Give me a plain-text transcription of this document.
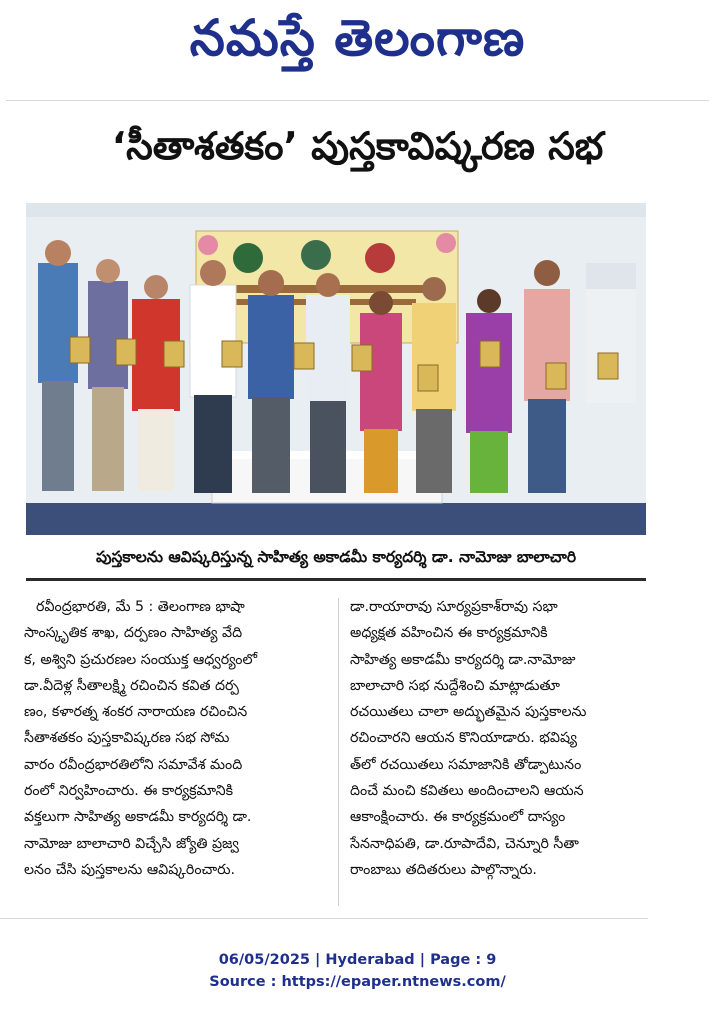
నమస్తే తెలంగాణ
‘సీతాశతకం’ పుస్తకావిష్కరణ సభ
పుస్తకాలను ఆవిష్కరిస్తున్న సాహిత్య అకాడమీ కార్యదర్శి డా. నామోజు బాలాచారి
రవీంద్రభారతి, మే 5 : తెలంగాణ భాషా
సాంస్కృతిక శాఖ, దర్పణం సాహిత్య వేది
క, అశ్విని ప్రచురణల సంయుక్త ఆధ్వర్యంలో
డా.వీదెళ్ల సీతాలక్ష్మి రచించిన కవిత దర్ప
ణం, కళారత్న శంకర నారాయణ రచించిన
సీతాశతకం పుస్తకావిష్కరణ సభ సోమ
వారం రవీంద్రభారతిలోని సమావేశ మంది
రంలో నిర్వహించారు. ఈ కార్యక్రమానికి
వక్తలుగా సాహిత్య అకాడమీ కార్యదర్శి డా.
నామోజు బాలాచారి విచ్చేసి జ్యోతి ప్రజ్వ
లనం చేసి పుస్తకాలను ఆవిష్కరించారు.
డా.రాయారావు సూర్యప్రకాశ్‌రావు సభా
అధ్యక్షత వహించిన ఈ కార్యక్రమానికి
సాహిత్య అకాడమీ కార్యదర్శి డా.నామోజు
బాలాచారి సభ నుద్దేశించి మాట్లాడుతూ
రచయితలు చాలా అద్భుతమైన పుస్తకాలను
రచించారని ఆయన కొనియాడారు. భవిష్య
త్‌లో రచయితలు సమాజానికి తోడ్పాటునం
దించే మంచి కవితలు అందించాలని ఆయన
ఆకాంక్షించారు. ఈ కార్యక్రమంలో దాస్యం
సేననాధిపతి, డా.రూపాదేవి, చెన్నూరి సీతా
రాంబాబు తదితరులు పాల్గొన్నారు.
06/05/2025 | Hyderabad | Page : 9
Source : https://epaper.ntnews.com/
